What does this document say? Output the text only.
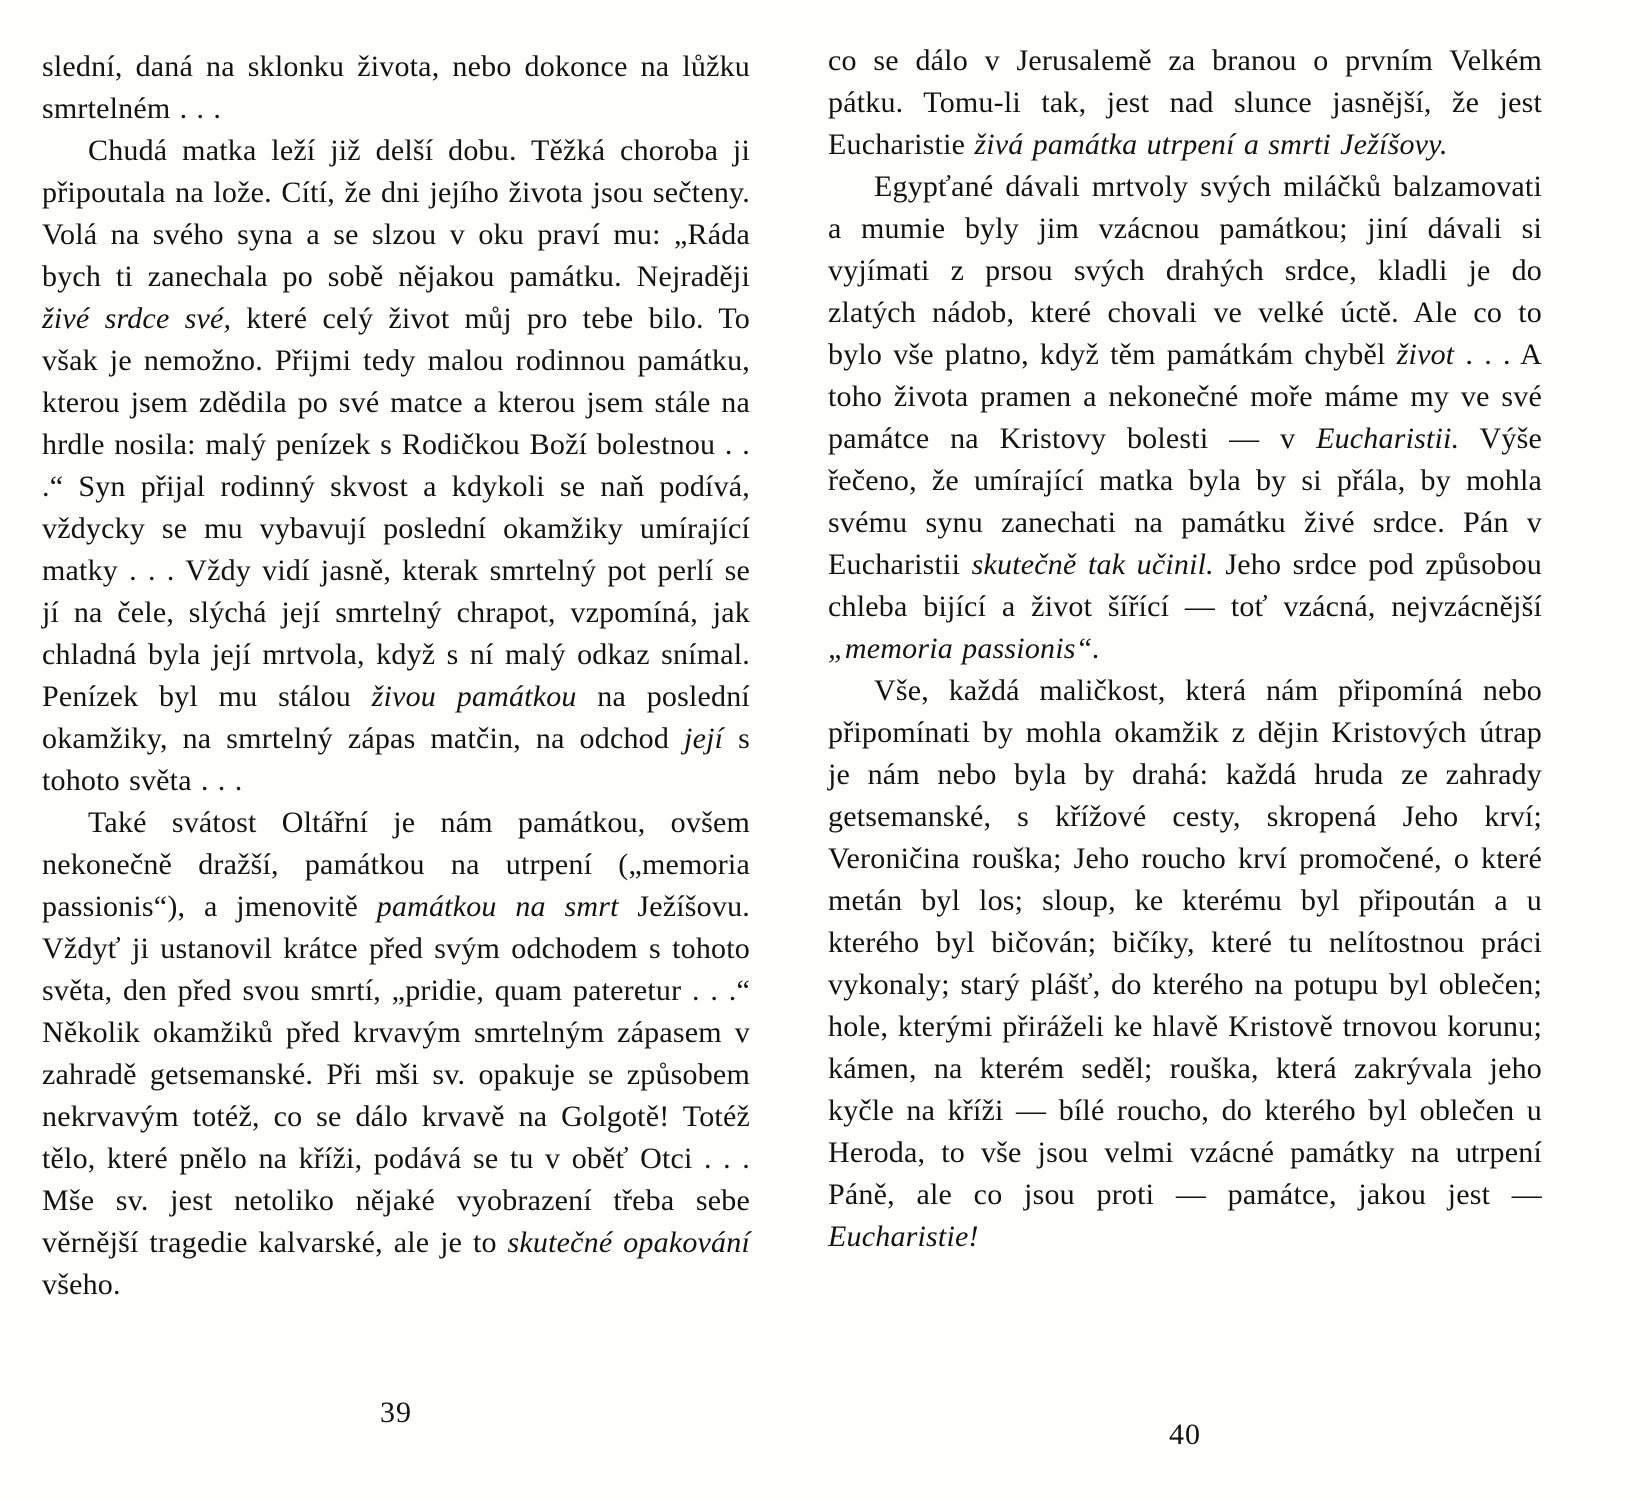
slední, daná na sklonku života, nebo dokonce na lůžku smrtelném . . .

Chudá matka leží již delší dobu. Těžká choroba ji připoutala na lože. Cítí, že dni jejího života jsou sečteny. Volá na svého syna a se slzou v oku praví mu: „Ráda bych ti zanechala po sobě nějakou památku. Nejraději živé srdce své, které celý život můj pro tebe bilo. To však je nemožno. Přijmi tedy malou rodinnou památku, kterou jsem zdědila po své matce a kterou jsem stále na hrdle nosila: malý penízek s Rodičkou Boží bolestnou . . .“ Syn přijal rodinný skvost a kdykoli se naň podívá, vždycky se mu vybavují poslední okamžiky umírající matky . . . Vždy vidí jasně, kterak smrtelný pot perlí se jí na čele, slýchá její smrtelný chrapot, vzpomíná, jak chladná byla její mrtvola, když s ní malý odkaz snímal. Penízek byl mu stálou živou památkou na poslední okamžiky, na smrtelný zápas matčin, na odchod její s tohoto světa . . .

Také svátost Oltářní je nám památkou, ovšem nekonečně dražší, památkou na utrpení („memoria passionis“), a jmenovitě památkou na smrt Ježíšovu. Vždyť ji ustanovil krátce před svým odchodem s tohoto světa, den před svou smrtí, „pridie, quam pateretur . . .“ Několik okamžiků před krvavým smrtelným zápasem v zahradě getsemanské. Při mši sv. opakuje se způsobem nekrvavým totéž, co se dálo krvavě na Golgotě! Totéž tělo, které pnělo na kříži, podává se tu v oběť Otci . . . Mše sv. jest netoliko nějaké vyobrazení třeba sebe věrnější tragedie kalvarské, ale je to skutečné opakování všeho.

39

co se dálo v Jerusalemě za branou o prvním Velkém pátku. Tomu-li tak, jest nad slunce jasnější, že jest Eucharistie živá památka utrpení a smrti Ježíšovy.

Egypťané dávali mrtvoly svých miláčků balzamovati a mumie byly jim vzácnou památkou; jiní dávali si vyjímati z prsou svých drahých srdce, kladli je do zlatých nádob, které chovali ve velké úctě. Ale co to bylo vše platno, když těm památkám chyběl život . . . A toho života pramen a nekonečné moře máme my ve své památce na Kristovy bolesti — v Eucharistii. Výše řečeno, že umírající matka byla by si přála, by mohla svému synu zanechati na památku živé srdce. Pán v Eucharistii skutečně tak učinil. Jeho srdce pod způsobou chleba bijící a život šířící — toť vzácná, nejvzácnější „memoria passionis“.

Vše, každá maličkost, která nám připomíná nebo připomínati by mohla okamžik z dějin Kristových útrap je nám nebo byla by drahá: každá hruda ze zahrady getsemanské, s křížové cesty, skropená Jeho krví; Veroničina rouška; Jeho roucho krví promočené, o které metán byl los; sloup, ke kterému byl připoután a u kterého byl bičován; bičíky, které tu nelítostnou práci vykonaly; starý plášť, do kterého na potupu byl oblečen; hole, kterými přiráželi ke hlavě Kristově trnovou korunu; kámen, na kterém seděl; rouška, která zakrývala jeho kyčle na kříži — bílé roucho, do kterého byl oblečen u Heroda, to vše jsou velmi vzácné památky na utrpení Páně, ale co jsou proti — památce, jakou jest — Eucharistie!

40
